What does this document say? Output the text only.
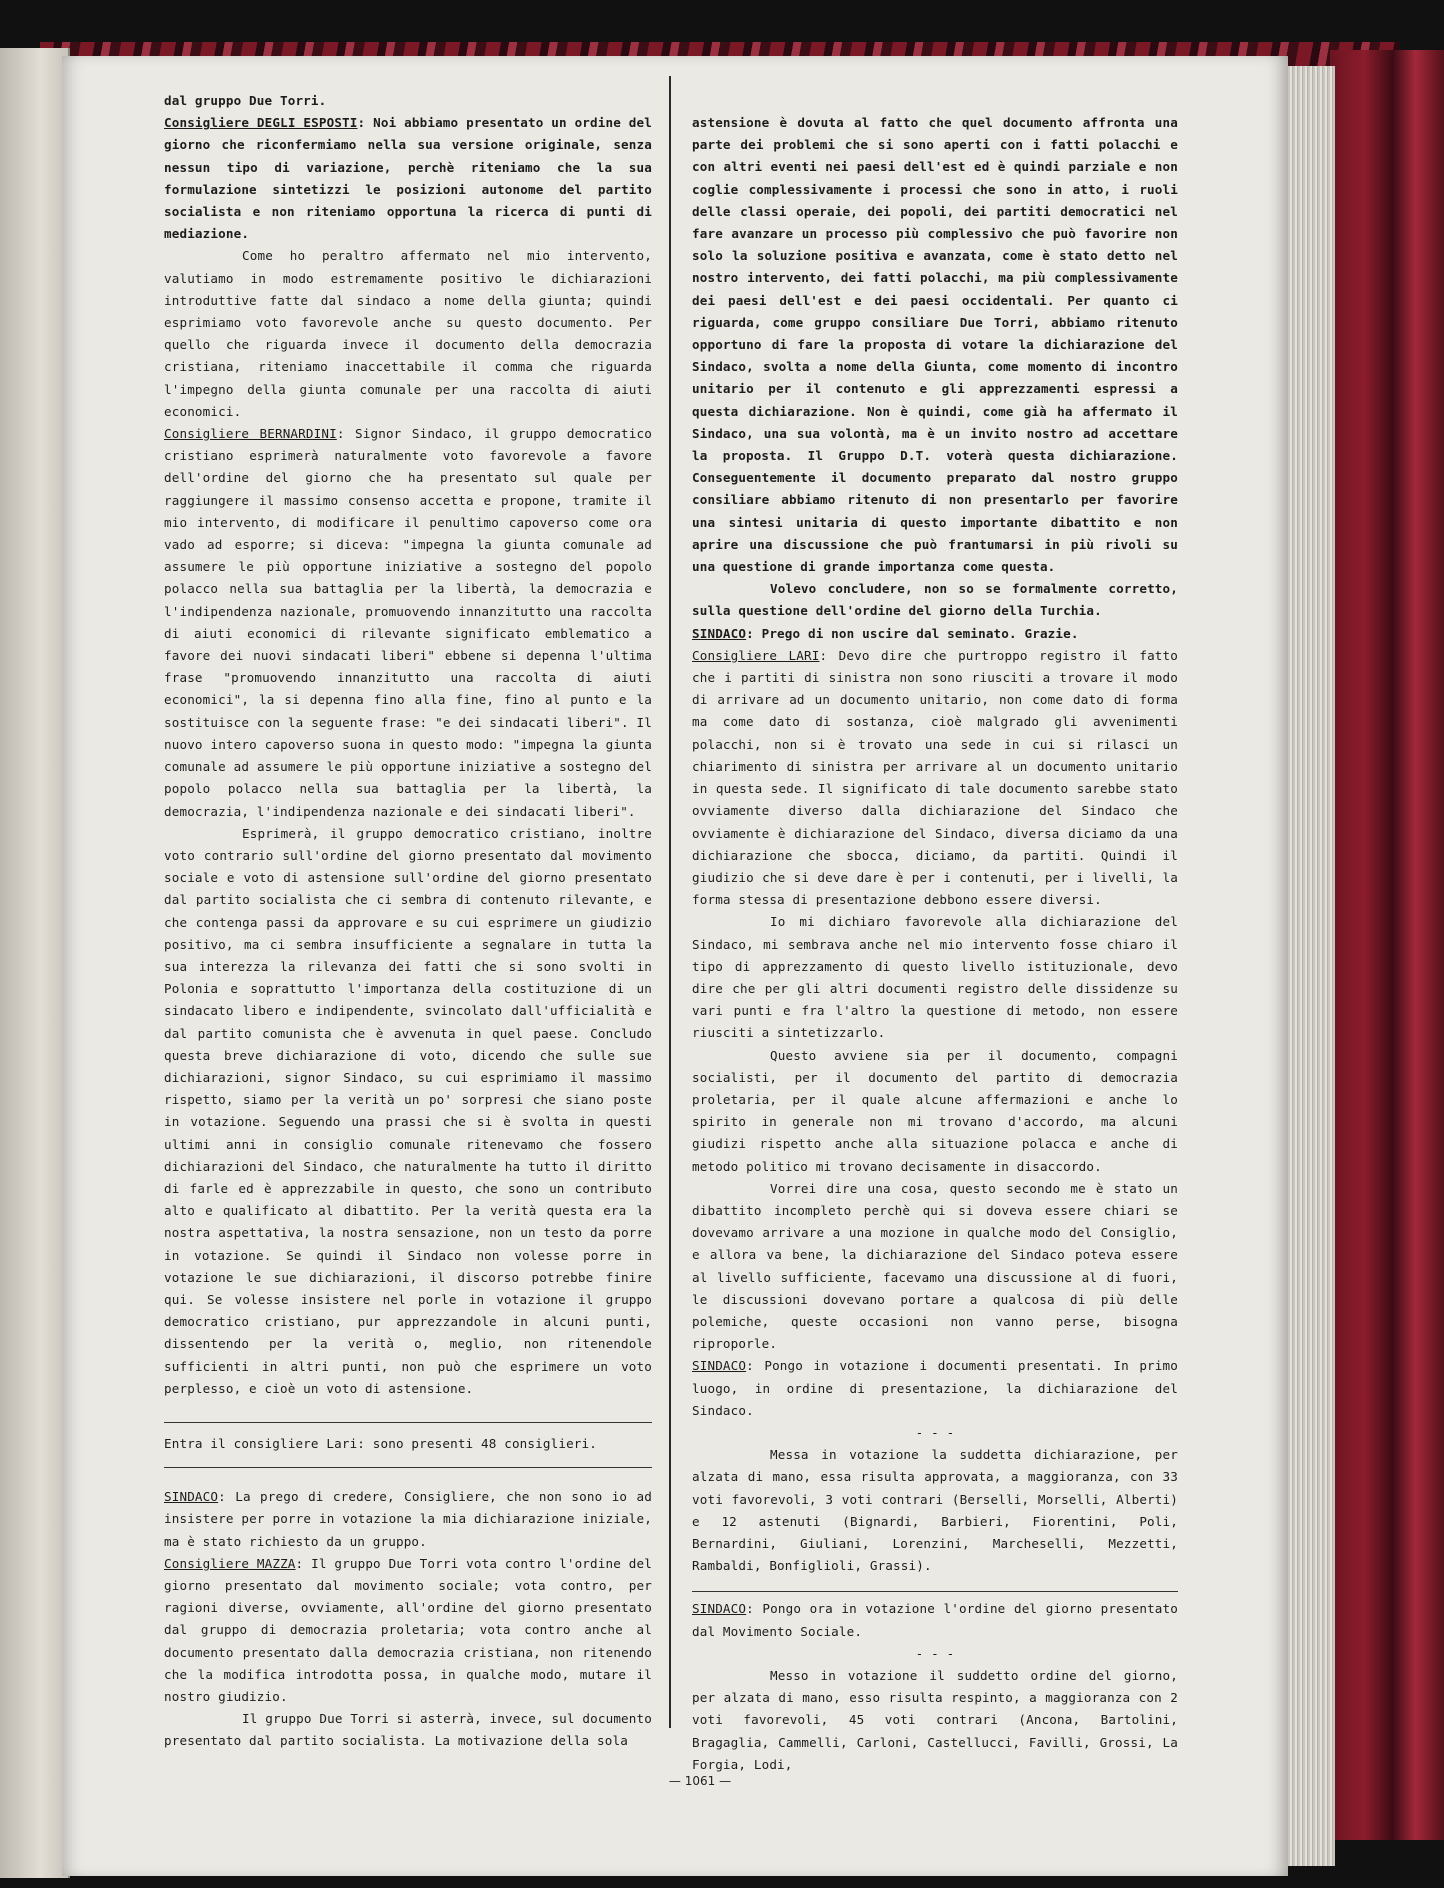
dal gruppo Due Torri.

Consigliere DEGLI ESPOSTI: Noi abbiamo presentato un ordine del giorno che riconfermiamo nella sua versione originale, senza nessun tipo di variazione, perchè riteniamo che la sua formulazione sintetizzi le posizioni autonome del partito socialista e non riteniamo opportuna la ricerca di punti di mediazione.

Come ho peraltro affermato nel mio intervento, valutiamo in modo estremamente positivo le dichiarazioni introduttive fatte dal sindaco a nome della giunta; quindi esprimiamo voto favorevole anche su questo documento. Per quello che riguarda invece il documento della democrazia cristiana, riteniamo inaccettabile il comma che riguarda l'impegno della giunta comunale per una raccolta di aiuti economici.

Consigliere BERNARDINI: Signor Sindaco, il gruppo democratico cristiano esprimerà naturalmente voto favorevole a favore dell'ordine del giorno che ha presentato sul quale per raggiungere il massimo consenso accetta e propone, tramite il mio intervento, di modificare il penultimo capoverso come ora vado ad esporre; si diceva: "impegna la giunta comunale ad assumere le più opportune iniziative a sostegno del popolo polacco nella sua battaglia per la libertà, la democrazia e l'indipendenza nazionale, promuovendo innanzitutto una raccolta di aiuti economici di rilevante significato emblematico a favore dei nuovi sindacati liberi" ebbene si depenna l'ultima frase "promuovendo innanzitutto una raccolta di aiuti economici", la si depenna fino alla fine, fino al punto e la sostituisce con la seguente frase: "e dei sindacati liberi". Il nuovo intero capoverso suona in questo modo: "impegna la giunta comunale ad assumere le più opportune iniziative a sostegno del popolo polacco nella sua battaglia per la libertà, la democrazia, l'indipendenza nazionale e dei sindacati liberi".

Esprimerà, il gruppo democratico cristiano, inoltre voto contrario sull'ordine del giorno presentato dal movimento sociale e voto di astensione sull'ordine del giorno presentato dal partito socialista che ci sembra di contenuto rilevante, e che contenga passi da approvare e su cui esprimere un giudizio positivo, ma ci sembra insufficiente a segnalare in tutta la sua interezza la rilevanza dei fatti che si sono svolti in Polonia e soprattutto l'importanza della costituzione di un sindacato libero e indipendente, svincolato dall'ufficialità e dal partito comunista che è avvenuta in quel paese. Concludo questa breve dichiarazione di voto, dicendo che sulle sue dichiarazioni, signor Sindaco, su cui esprimiamo il massimo rispetto, siamo per la verità un po' sorpresi che siano poste in votazione. Seguendo una prassi che si è svolta in questi ultimi anni in consiglio comunale ritenevamo che fossero dichiarazioni del Sindaco, che naturalmente ha tutto il diritto di farle ed è apprezzabile in questo, che sono un contributo alto e qualificato al dibattito. Per la verità questa era la nostra aspettativa, la nostra sensazione, non un testo da porre in votazione. Se quindi il Sindaco non volesse porre in votazione le sue dichiarazioni, il discorso potrebbe finire qui. Se volesse insistere nel porle in votazione il gruppo democratico cristiano, pur apprezzandole in alcuni punti, dissentendo per la verità o, meglio, non ritenendole sufficienti in altri punti, non può che esprimere un voto perplesso, e cioè un voto di astensione.

Entra il consigliere Lari: sono presenti 48 consiglieri.

SINDACO: La prego di credere, Consigliere, che non sono io ad insistere per porre in votazione la mia dichiarazione iniziale, ma è stato richiesto da un gruppo.

Consigliere MAZZA: Il gruppo Due Torri vota contro l'ordine del giorno presentato dal movimento sociale; vota contro, per ragioni diverse, ovviamente, all'ordine del giorno presentato dal gruppo di democrazia proletaria; vota contro anche al documento presentato dalla democrazia cristiana, non ritenendo che la modifica introdotta possa, in qualche modo, mutare il nostro giudizio.

Il gruppo Due Torri si asterrà, invece, sul documento presentato dal partito socialista. La motivazione della sola

astensione è dovuta al fatto che quel documento affronta una parte dei problemi che si sono aperti con i fatti polacchi e con altri eventi nei paesi dell'est ed è quindi parziale e non coglie complessivamente i processi che sono in atto, i ruoli delle classi operaie, dei popoli, dei partiti democratici nel fare avanzare un processo più complessivo che può favorire non solo la soluzione positiva e avanzata, come è stato detto nel nostro intervento, dei fatti polacchi, ma più complessivamente dei paesi dell'est e dei paesi occidentali. Per quanto ci riguarda, come gruppo consiliare Due Torri, abbiamo ritenuto opportuno di fare la proposta di votare la dichiarazione del Sindaco, svolta a nome della Giunta, come momento di incontro unitario per il contenuto e gli apprezzamenti espressi a questa dichiarazione. Non è quindi, come già ha affermato il Sindaco, una sua volontà, ma è un invito nostro ad accettare la proposta. Il Gruppo D.T. voterà questa dichiarazione. Conseguentemente il documento preparato dal nostro gruppo consiliare abbiamo ritenuto di non presentarlo per favorire una sintesi unitaria di questo importante dibattito e non aprire una discussione che può frantumarsi in più rivoli su una questione di grande importanza come questa.

Volevo concludere, non so se formalmente corretto, sulla questione dell'ordine del giorno della Turchia.

SINDACO: Prego di non uscire dal seminato. Grazie.

Consigliere LARI: Devo dire che purtroppo registro il fatto che i partiti di sinistra non sono riusciti a trovare il modo di arrivare ad un documento unitario, non come dato di forma ma come dato di sostanza, cioè malgrado gli avvenimenti polacchi, non si è trovato una sede in cui si rilasci un chiarimento di sinistra per arrivare al un documento unitario in questa sede. Il significato di tale documento sarebbe stato ovviamente diverso dalla dichiarazione del Sindaco che ovviamente è dichiarazione del Sindaco, diversa diciamo da una dichiarazione che sbocca, diciamo, da partiti. Quindi il giudizio che si deve dare è per i contenuti, per i livelli, la forma stessa di presentazione debbono essere diversi.

Io mi dichiaro favorevole alla dichiarazione del Sindaco, mi sembrava anche nel mio intervento fosse chiaro il tipo di apprezzamento di questo livello istituzionale, devo dire che per gli altri documenti registro delle dissidenze su vari punti e fra l'altro la questione di metodo, non essere riusciti a sintetizzarlo.

Questo avviene sia per il documento, compagni socialisti, per il documento del partito di democrazia proletaria, per il quale alcune affermazioni e anche lo spirito in generale non mi trovano d'accordo, ma alcuni giudizi rispetto anche alla situazione polacca e anche di metodo politico mi trovano decisamente in disaccordo.

Vorrei dire una cosa, questo secondo me è stato un dibattito incompleto perchè qui si doveva essere chiari se dovevamo arrivare a una mozione in qualche modo del Consiglio, e allora va bene, la dichiarazione del Sindaco poteva essere al livello sufficiente, facevamo una discussione al di fuori, le discussioni dovevano portare a qualcosa di più delle polemiche, queste occasioni non vanno perse, bisogna riproporle.

SINDACO: Pongo in votazione i documenti presentati. In primo luogo, in ordine di presentazione, la dichiarazione del Sindaco.

- - -

Messa in votazione la suddetta dichiarazione, per alzata di mano, essa risulta approvata, a maggioranza, con 33 voti favorevoli, 3 voti contrari (Berselli, Morselli, Alberti) e 12 astenuti (Bignardi, Barbieri, Fiorentini, Poli, Bernardini, Giuliani, Lorenzini, Marcheselli, Mezzetti, Rambaldi, Bonfiglioli, Grassi).

SINDACO: Pongo ora in votazione l'ordine del giorno presentato dal Movimento Sociale.

- - -

Messo in votazione il suddetto ordine del giorno, per alzata di mano, esso risulta respinto, a maggioranza con 2 voti favorevoli, 45 voti contrari (Ancona, Bartolini, Bragaglia, Cammelli, Carloni, Castellucci, Favilli, Grossi, La Forgia, Lodi,

— 1061 —
